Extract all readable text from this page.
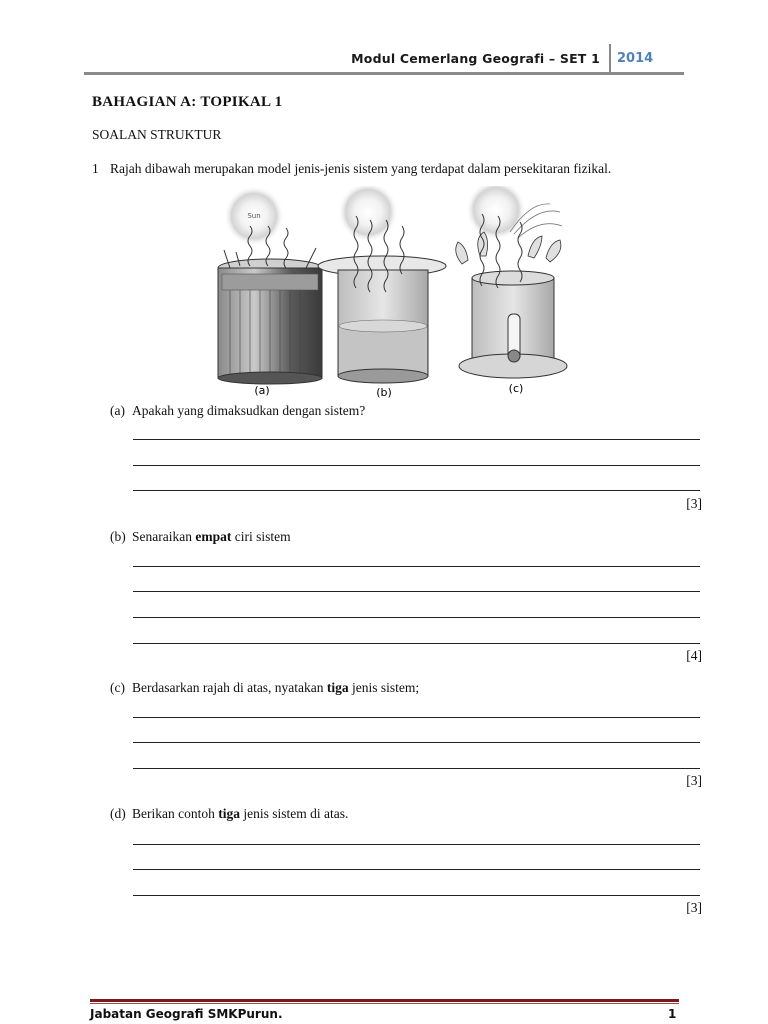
Modul Cemerlang Geografi – SET 1 2014
BAHAGIAN A: TOPIKAL 1
SOALAN STRUKTUR
1 Rajah dibawah merupakan model jenis-jenis sistem yang terdapat dalam persekitaran fizikal.
Sun
(a)	(b)	(c)
(a) Apakah yang dimaksudkan dengan sistem?
[3]
(b) Senaraikan empat ciri sistem
[4]
(c) Berdasarkan rajah di atas, nyatakan tiga jenis sistem;
[3]
(d) Berikan contoh tiga jenis sistem di atas.
[3]
Jabatan Geografi SMKPurun.	1
